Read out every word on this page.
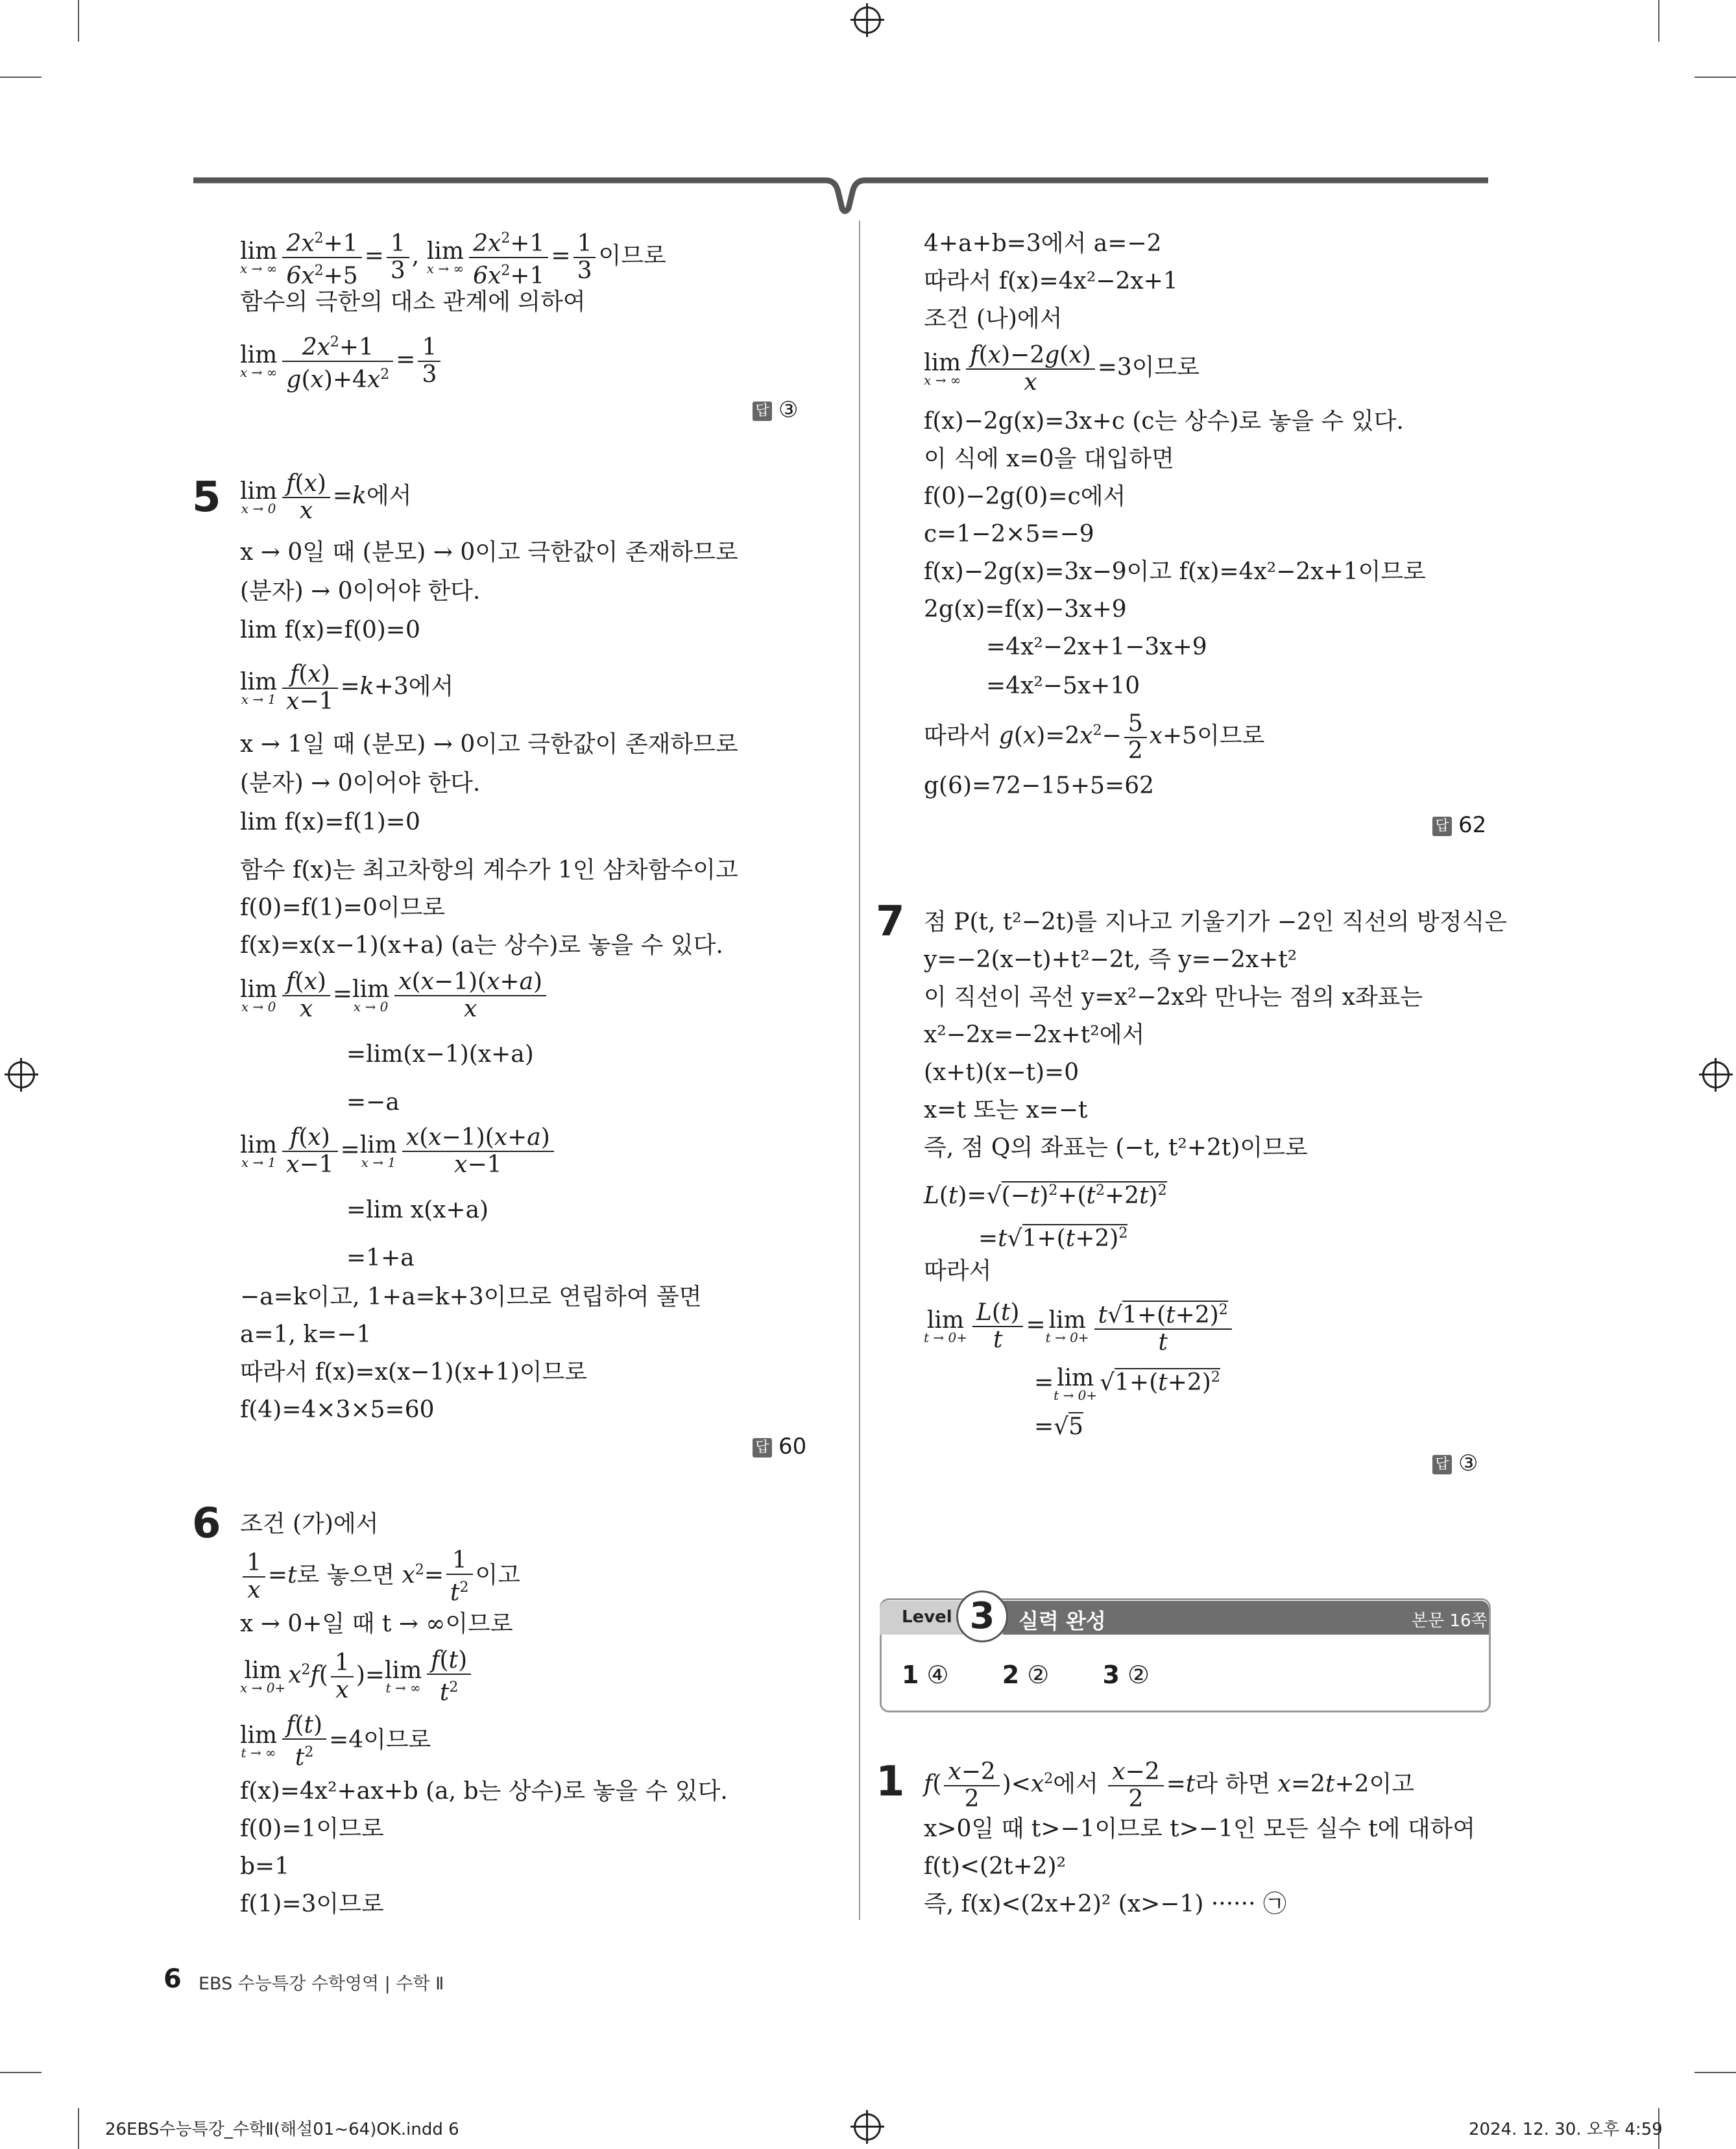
lim
x → ∞ $\frac{2x^2+1}{6x^2+5} = \frac{1}{3}$ , lim
x → ∞ $\frac{2x^2+1}{6x^2+1} = \frac{1}{3}$ 이므로
함수의 극한의 대소 관계에 의하여
lim
x → ∞ $\frac{2x^2+1}{g(x)+4x^2} = \frac{1}{3}$
답 ③
5 lim
$x \to 0 \frac{f(x)}{x} =k$에서
x → 0일 때 (분모) → 0이고 극한값이 존재하므로
(분자) → 0이어야 한다.
lim f(x)=f(0)=0
lim
$x \to 1 \frac{f(x)}{x-1} =k+3$에서
x → 1일 때 (분모) → 0이고 극한값이 존재하므로
(분자) → 0이어야 한다.
lim f(x)=f(1)=0
함수 f(x)는 최고차항의 계수가 1인 삼차함수이고
f(0)=f(1)=0이므로
f(x)=x(x−1)(x+a) (a는 상수)로 놓을 수 있다.
lim
$x \to 0 \frac{f(x)}{x} = \lim$
$x \to 0 \frac{x(x-1)(x+a)}{x}$
=lim(x−1)(x+a)
=−a
lim
$x \to 1 \frac{f(x)}{x-1} = \lim$
$x \to 1 \frac{x(x-1)(x+a)}{x-1}$
=lim x(x+a)
=1+a
−a=k이고, 1+a=k+3이므로 연립하여 풀면
a=1, k=−1
따라서 f(x)=x(x−1)(x+1)이므로
f(4)=4×3×5=60
답 60
6 조건 (가)에서
$\frac{1}{x} =t$로 놓으면 $x^2= \frac{1}{t^2}$ 이고
x → 0+일 때 t → ∞이므로
lim
$x \to 0+ x^2f( \frac{1}{x}$ )= lim
t → ∞ $\frac{f(t)}{t^2}$
lim
t → ∞ $\frac{f(t)}{t^2} =4$이므로
f(x)=4x²+ax+b (a, b는 상수)로 놓을 수 있다.
f(0)=1이므로
b=1
f(1)=3이므로
4+a+b=3에서 a=−2
따라서 f(x)=4x²−2x+1
조건 (나)에서
lim
x → ∞ $\frac{f(x)-2g(x)}{x} =3$이므로
f(x)−2g(x)=3x+c (c는 상수)로 놓을 수 있다.
이 식에 x=0을 대입하면
f(0)−2g(0)=c에서
c=1−2×5=−9
f(x)−2g(x)=3x−9이고 f(x)=4x²−2x+1이므로
2g(x)=f(x)−3x+9
=4x²−2x+1−3x+9
=4x²−5x+10
따라서 $g(x)=2x^2- \frac{5}{2} x+5$이므로
g(6)=72−15+5=62
답 62
7 점 P(t, t²−2t)를 지나고 기울기가 −2인 직선의 방정식은
y=−2(x−t)+t²−2t, 즉 y=−2x+t²
이 직선이 곡선 y=x²−2x와 만나는 점의 x좌표는
x²−2x=−2x+t²에서
(x+t)(x−t)=0
x=t 또는 x=−t
즉, 점 Q의 좌표는 (−t, t²+2t)이므로
$L(t)=√(-t)^2+(t^2+2t)^2$
$=t√1+(t+2)^2$
따라서
lim
$t \to 0+ \frac{L(t)}{t} = \lim$
$t \to 0+ \frac{t√1+(t+2)^2}{t}$
= lim
$t \to 0+ √1+(t+2)^2$
=√5
답 ③
Level 3	실력 완성	본문 16쪽
1 ④ 2 ② 3 ②
1 $f( \frac{x-2}{2} )<x^2$에서 $\frac{x-2}{2} =t$라 하면 x=2t+2이고
x>0일 때 t>−1이므로 t>−1인 모든 실수 t에 대하여
f(t)<(2t+2)²
즉, f(x)<(2x+2)² (x>−1) ······ ㉠
6 EBS 수능특강 수학영역 | 수학 Ⅱ
26EBS수능특강_수학Ⅱ(해설01~64)OK.indd 6	2024. 12. 30. 오후 4:59
